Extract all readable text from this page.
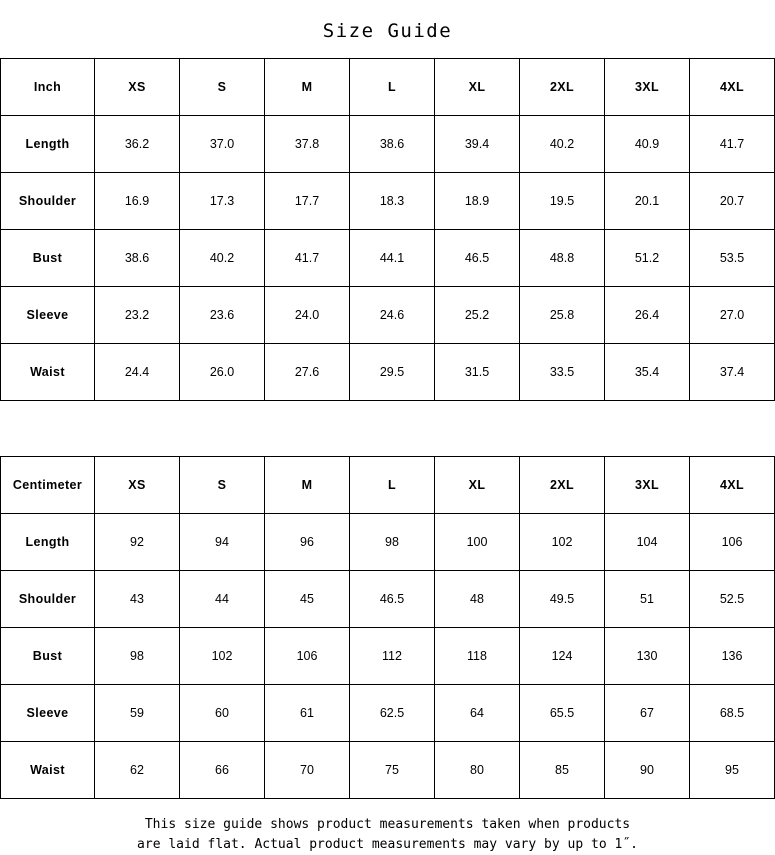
Size Guide
Inch	XS	S	M	L	XL	2XL	3XL	4XL
Length	36.2	37.0	37.8	38.6	39.4	40.2	40.9	41.7
Shoulder	16.9	17.3	17.7	18.3	18.9	19.5	20.1	20.7
Bust	38.6	40.2	41.7	44.1	46.5	48.8	51.2	53.5
Sleeve	23.2	23.6	24.0	24.6	25.2	25.8	26.4	27.0
Waist	24.4	26.0	27.6	29.5	31.5	33.5	35.4	37.4
Centimeter	XS	S	M	L	XL	2XL	3XL	4XL
Length	92	94	96	98	100	102	104	106
Shoulder	43	44	45	46.5	48	49.5	51	52.5
Bust	98	102	106	112	118	124	130	136
Sleeve	59	60	61	62.5	64	65.5	67	68.5
Waist	62	66	70	75	80	85	90	95
This size guide shows product measurements taken when products
are laid flat. Actual product measurements may vary by up to 1˝.
